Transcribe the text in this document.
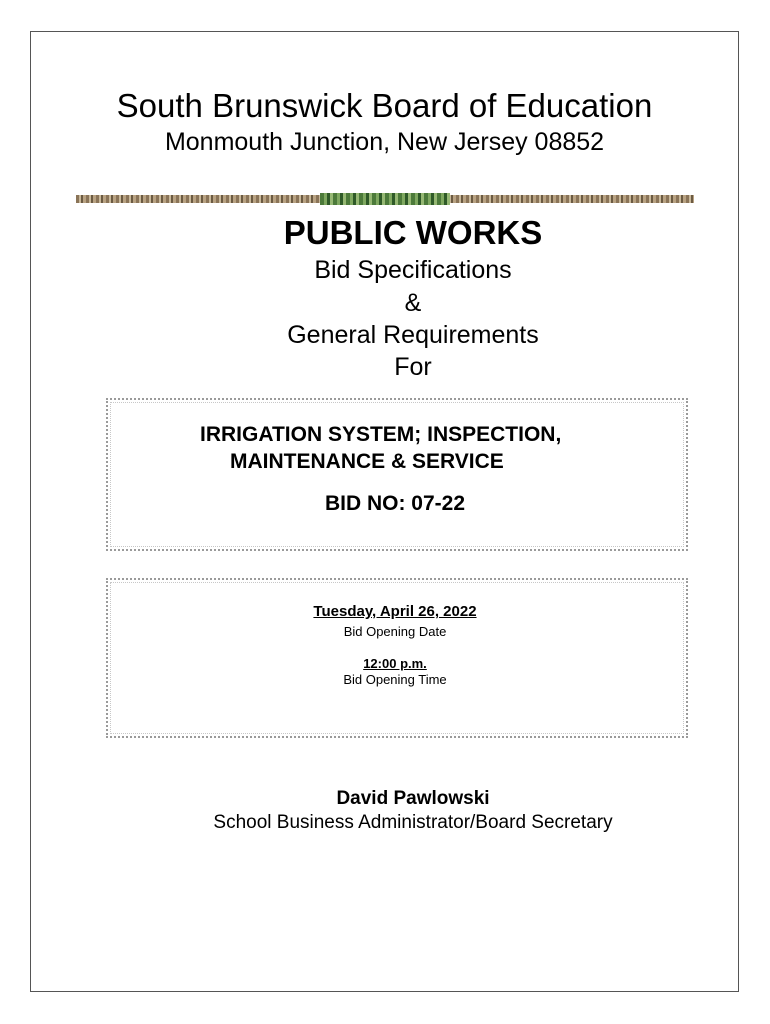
South Brunswick Board of Education
Monmouth Junction, New Jersey 08852
PUBLIC WORKS
Bid Specifications
&
General Requirements
For
IRRIGATION SYSTEM; INSPECTION,
MAINTENANCE & SERVICE
BID NO: 07-22
Tuesday, April 26, 2022
Bid Opening Date
12:00 p.m.
Bid Opening Time
David Pawlowski
School Business Administrator/Board Secretary
